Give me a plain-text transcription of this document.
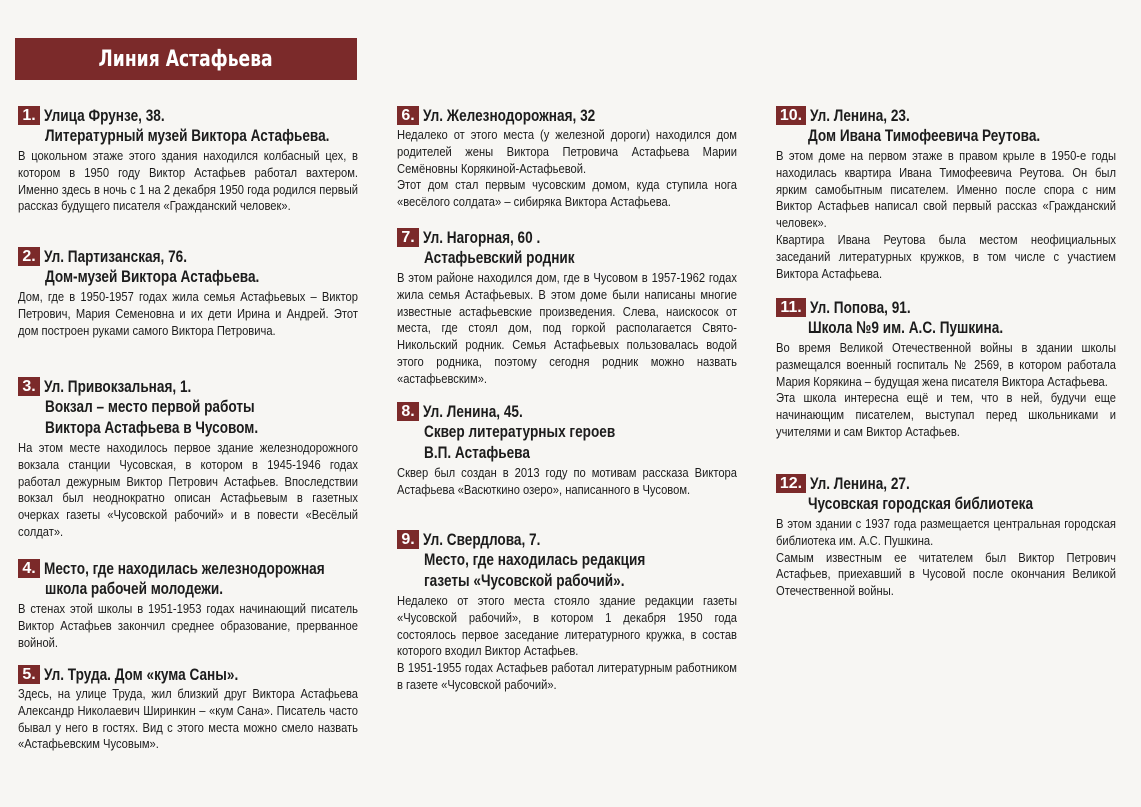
Линия Астафьева
1. Улица Фрунзе, 38.
Литературный музей Виктора Астафьева.

В цокольном этаже этого здания находился колбасный цех, в котором в 1950 году Виктор Астафьев работал вахтером. Именно здесь в ночь с 1 на 2 декабря 1950 года родился первый рассказ будущего писателя «Гражданский человек».

2. Ул. Партизанская, 76.
Дом-музей Виктора Астафьева.

Дом, где в 1950-1957 годах жила семья Астафьевых – Виктор Петрович, Мария Семеновна и их дети Ирина и Андрей. Этот дом построен руками самого Виктора Петровича.

3. Ул. Привокзальная, 1.
Вокзал – место первой работы
Виктора Астафьева в Чусовом.

На этом месте находилось первое здание железнодорожного вокзала станции Чусовская, в котором в 1945-1946 годах работал дежурным Виктор Петрович Астафьев. Впоследствии вокзал был неоднократно описан Астафьевым в газетных очерках газеты «Чусовской рабочий» и в повести «Весёлый солдат».

4. Место, где находилась железнодорожная
школа рабочей молодежи.

В стенах этой школы в 1951-1953 годах начинающий писатель Виктор Астафьев закончил среднее образование, прерванное войной.

5. Ул. Труда. Дом «кума Саны».

Здесь, на улице Труда, жил близкий друг Виктора Астафьева Александр Николаевич Ширинкин – «кум Сана». Писатель часто бывал у него в гостях. Вид с этого места можно смело назвать «Астафьевским Чусовым».

6. Ул. Железнодорожная, 32

Недалеко от этого места (у железной дороги) находился дом родителей жены Виктора Петровича Астафьева Марии Семёновны Корякиной-Астафьевой.

Этот дом стал первым чусовским домом, куда ступила нога «весёлого солдата» – сибиряка Виктора Астафьева.

7. Ул. Нагорная, 60 .
Астафьевский родник

В этом районе находился дом, где в Чусовом в 1957-1962 годах жила семья Астафьевых. В этом доме были написаны многие известные астафьевские произведения. Слева, наискосок от места, где стоял дом, под горкой располагается Свято-Никольский родник. Семья Астафьевых пользовалась водой этого родника, поэтому сегодня родник можно назвать «астафьевским».

8. Ул. Ленина, 45.
Сквер литературных героев
В.П. Астафьева

Сквер был создан в 2013 году по мотивам рассказа Виктора Астафьева «Васюткино озеро», написанного в Чусовом.

9. Ул. Свердлова, 7.
Место, где находилась редакция
газеты «Чусовской рабочий».

Недалеко от этого места стояло здание редакции газеты «Чусовской рабочий», в котором 1 декабря 1950 года состоялось первое заседание литературного кружка, в состав которого входил Виктор Астафьев.

В 1951-1955 годах Астафьев работал литературным работником в газете «Чусовской рабочий».

10. Ул. Ленина, 23.
Дом Ивана Тимофеевича Реутова.

В этом доме на первом этаже в правом крыле в 1950-е годы находилась квартира Ивана Тимофеевича Реутова. Он был ярким самобытным писателем. Именно после спора с ним Виктор Астафьев написал свой первый рассказ «Гражданский человек».

Квартира Ивана Реутова была местом неофициальных заседаний литературных кружков, в том числе с участием Виктора Астафьева.

11. Ул. Попова, 91.
Школа №9 им. А.С. Пушкина.

Во время Великой Отечественной войны в здании школы размещался военный госпиталь № 2569, в котором работала Мария Корякина – будущая жена писателя Виктора Астафьева.

Эта школа интересна ещё и тем, что в ней, будучи еще начинающим писателем, выступал перед школьниками и учителями и сам Виктор Астафьев.

12. Ул. Ленина, 27.
Чусовская городская библиотека

В этом здании с 1937 года размещается центральная городская библиотека им. А.С. Пушкина.

Самым известным ее читателем был Виктор Петрович Астафьев, приехавший в Чусовой после окончания Великой Отечественной войны.
